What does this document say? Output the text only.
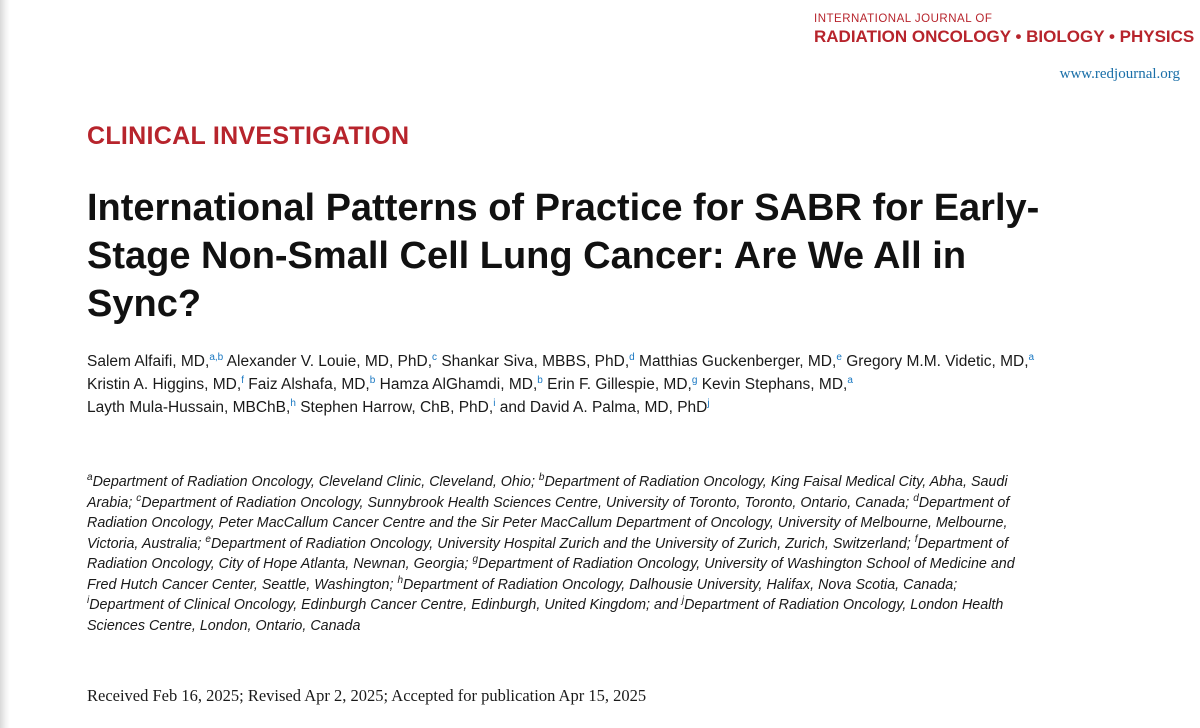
INTERNATIONAL JOURNAL OF
RADIATION ONCOLOGY • BIOLOGY • PHYSICS
www.redjournal.org
CLINICAL INVESTIGATION
International Patterns of Practice for SABR for Early-Stage Non-Small Cell Lung Cancer: Are We All in Sync?
Salem Alfaifi, MD,$^{a,b}$ Alexander V. Louie, MD, PhD,$^c$ Shankar Siva, MBBS, PhD,$^d$ Matthias Guckenberger, MD,$^e$ Gregory M.M. Videtic, MD,$^a$ Kristin A. Higgins, MD,$^f$ Faiz Alshafa, MD,$^b$ Hamza AlGhamdi, MD,$^b$ Erin F. Gillespie, MD,$^g$ Kevin Stephans, MD,$^a$ Layth Mula-Hussain, MBChB,$^h$ Stephen Harrow, ChB, PhD,$^i$ and David A. Palma, MD, PhD$^j$
$^a$Department of Radiation Oncology, Cleveland Clinic, Cleveland, Ohio; $^b$Department of Radiation Oncology, King Faisal Medical City, Abha, Saudi Arabia; $^c$Department of Radiation Oncology, Sunnybrook Health Sciences Centre, University of Toronto, Toronto, Ontario, Canada; $^d$Department of Radiation Oncology, Peter MacCallum Cancer Centre and the Sir Peter MacCallum Department of Oncology, University of Melbourne, Melbourne, Victoria, Australia; $^e$Department of Radiation Oncology, University Hospital Zurich and the University of Zurich, Zurich, Switzerland; $^f$Department of Radiation Oncology, City of Hope Atlanta, Newnan, Georgia; $^g$Department of Radiation Oncology, University of Washington School of Medicine and Fred Hutch Cancer Center, Seattle, Washington; $^h$Department of Radiation Oncology, Dalhousie University, Halifax, Nova Scotia, Canada; $^i$Department of Clinical Oncology, Edinburgh Cancer Centre, Edinburgh, United Kingdom; and $^j$Department of Radiation Oncology, London Health Sciences Centre, London, Ontario, Canada
Received Feb 16, 2025; Revised Apr 2, 2025; Accepted for publication Apr 15, 2025
